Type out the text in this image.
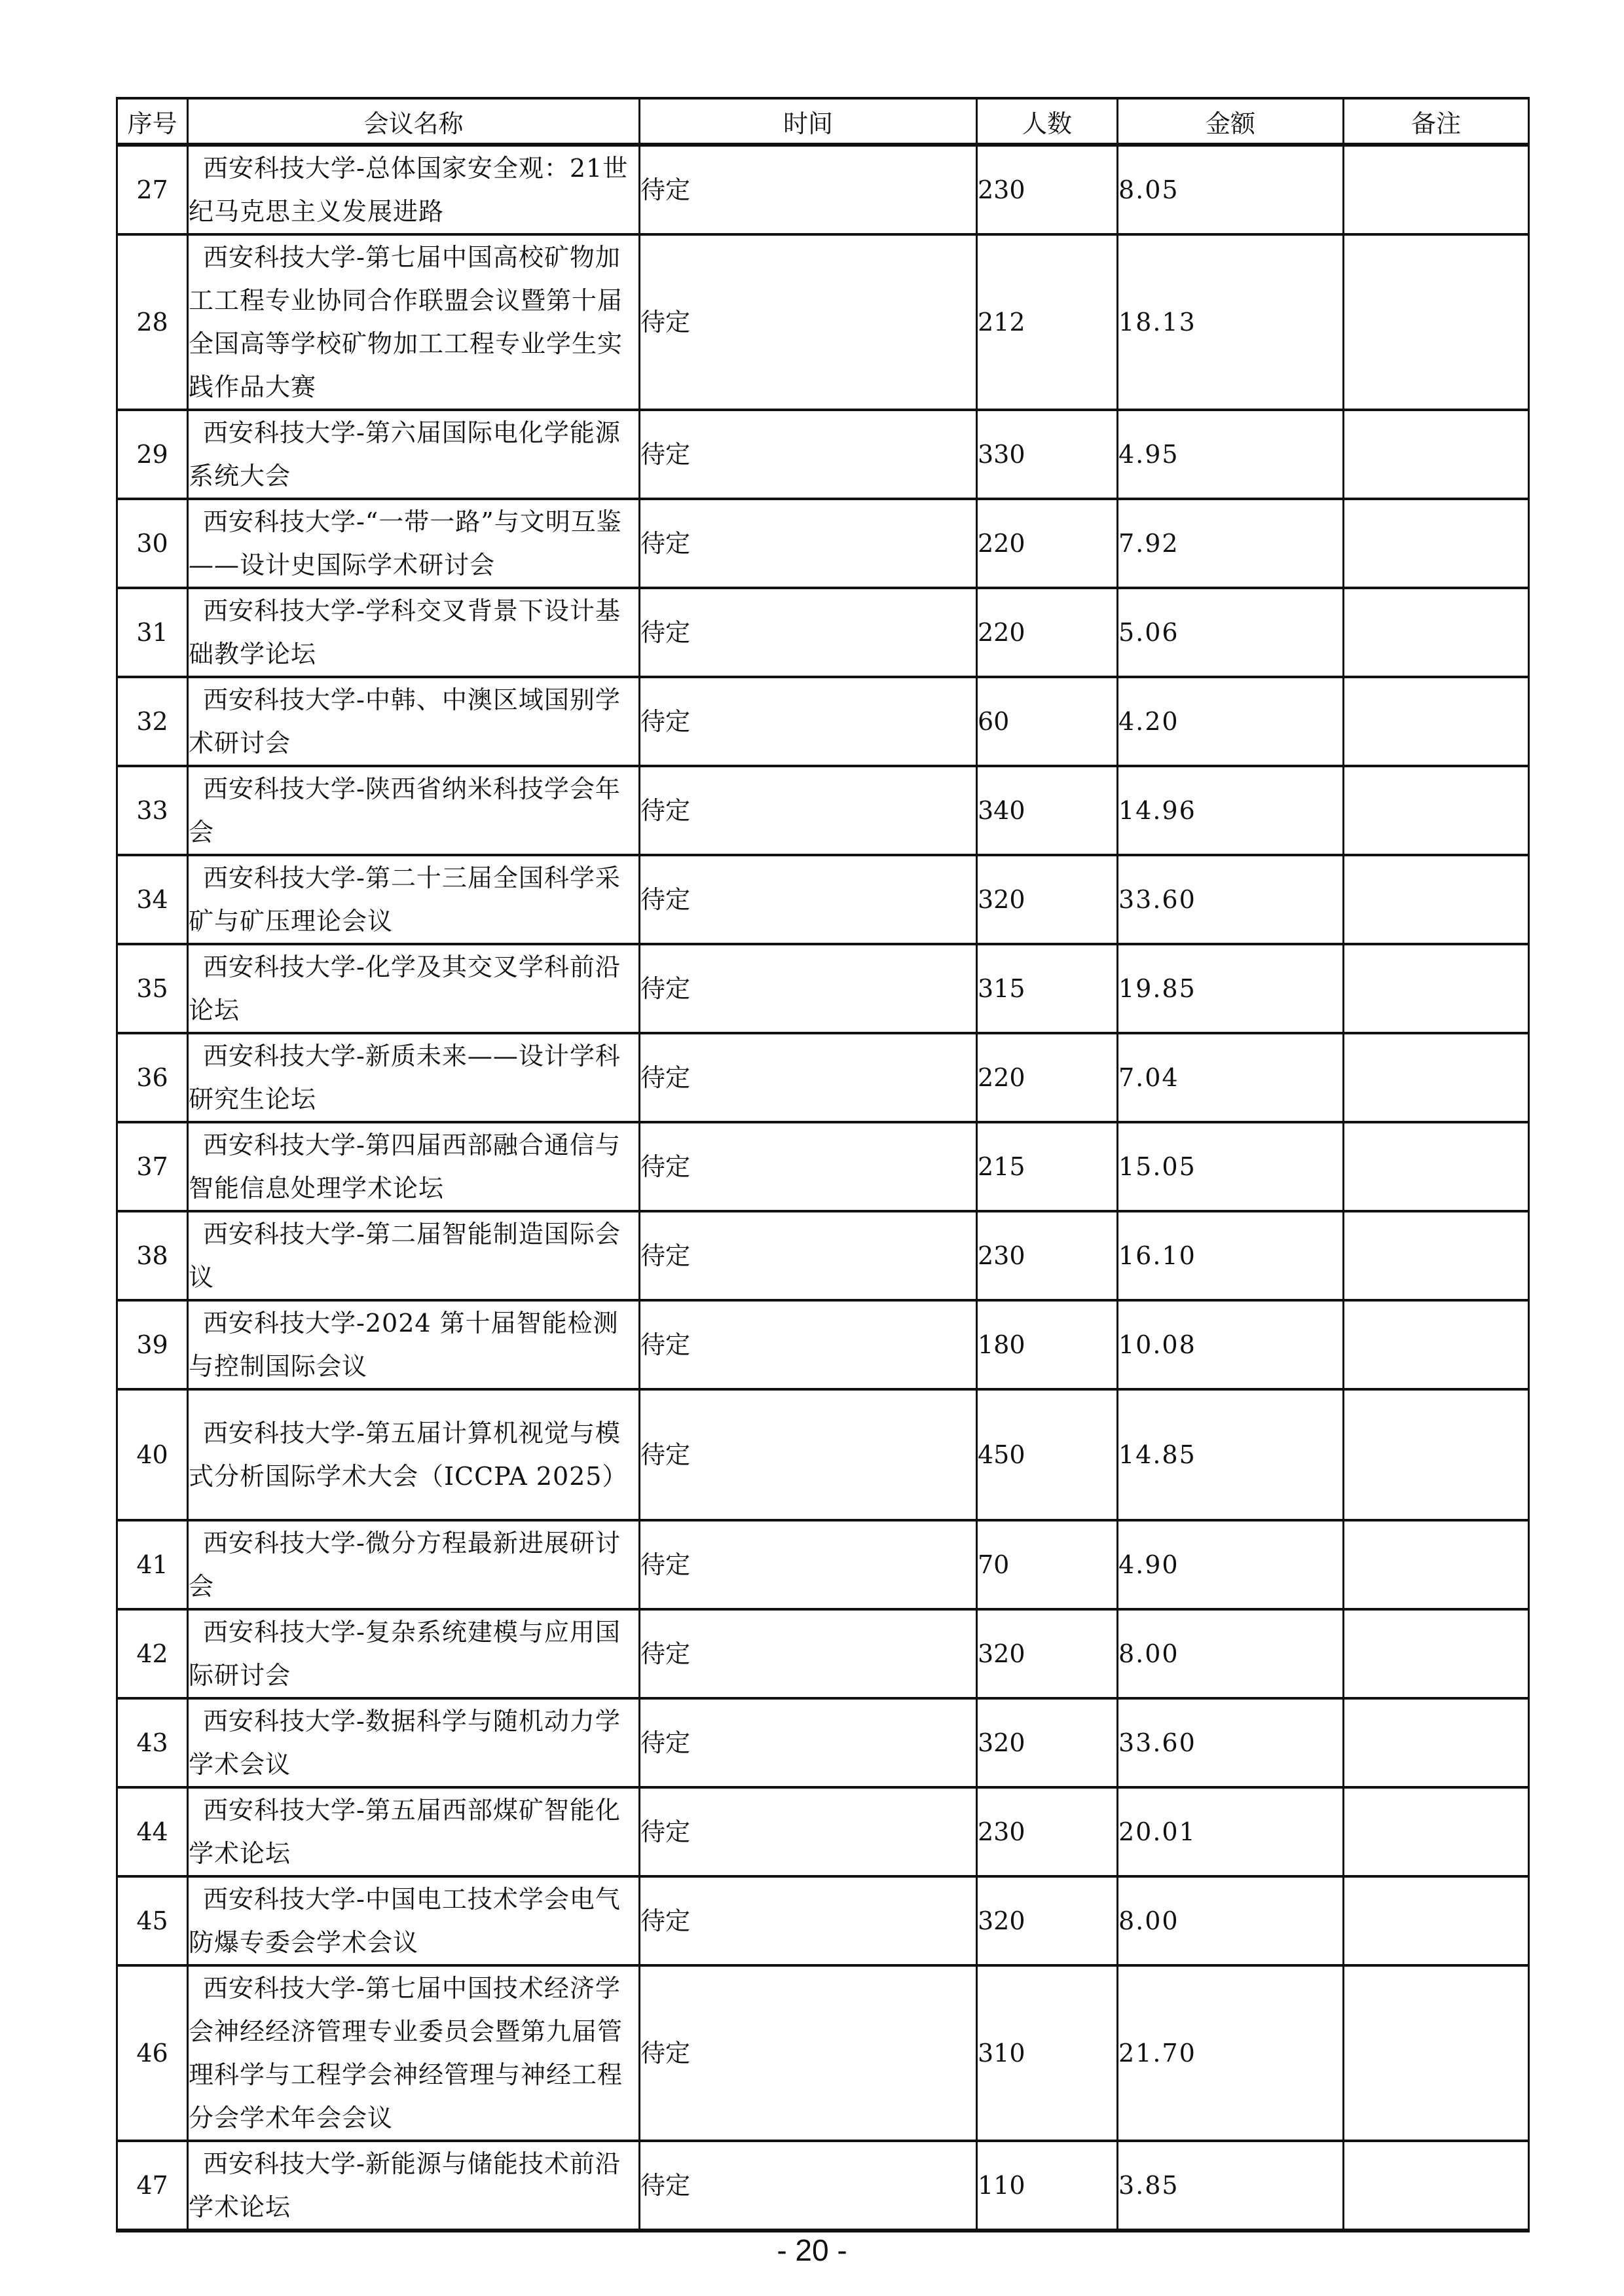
序号	会议名称	时间	人数	金额	备注
27	西安科技大学-总体国家安全观：21世纪马克思主义发展进路	待定	230	8.05	
28	西安科技大学-第七届中国高校矿物加工工程专业协同合作联盟会议暨第十届全国高等学校矿物加工工程专业学生实践作品大赛	待定	212	18.13	
29	西安科技大学-第六届国际电化学能源系统大会	待定	330	4.95	
30	西安科技大学-“一带一路”与文明互鉴——设计史国际学术研讨会	待定	220	7.92	
31	西安科技大学-学科交叉背景下设计基础教学论坛	待定	220	5.06	
32	西安科技大学-中韩、中澳区域国别学术研讨会	待定	60	4.20	
33	西安科技大学-陕西省纳米科技学会年会	待定	340	14.96	
34	西安科技大学-第二十三届全国科学采矿与矿压理论会议	待定	320	33.60	
35	西安科技大学-化学及其交叉学科前沿论坛	待定	315	19.85	
36	西安科技大学-新质未来——设计学科研究生论坛	待定	220	7.04	
37	西安科技大学-第四届西部融合通信与智能信息处理学术论坛	待定	215	15.05	
38	西安科技大学-第二届智能制造国际会议	待定	230	16.10	
39	西安科技大学-2024 第十届智能检测与控制国际会议	待定	180	10.08	
40	西安科技大学-第五届计算机视觉与模式分析国际学术大会（ICCPA 2025）	待定	450	14.85	
41	西安科技大学-微分方程最新进展研讨会	待定	70	4.90	
42	西安科技大学-复杂系统建模与应用国际研讨会	待定	320	8.00	
43	西安科技大学-数据科学与随机动力学学术会议	待定	320	33.60	
44	西安科技大学-第五届西部煤矿智能化学术论坛	待定	230	20.01	
45	西安科技大学-中国电工技术学会电气防爆专委会学术会议	待定	320	8.00	
46	西安科技大学-第七届中国技术经济学会神经经济管理专业委员会暨第九届管理科学与工程学会神经管理与神经工程分会学术年会会议	待定	310	21.70	
47	西安科技大学-新能源与储能技术前沿学术论坛	待定	110	3.85	
- 20 -
